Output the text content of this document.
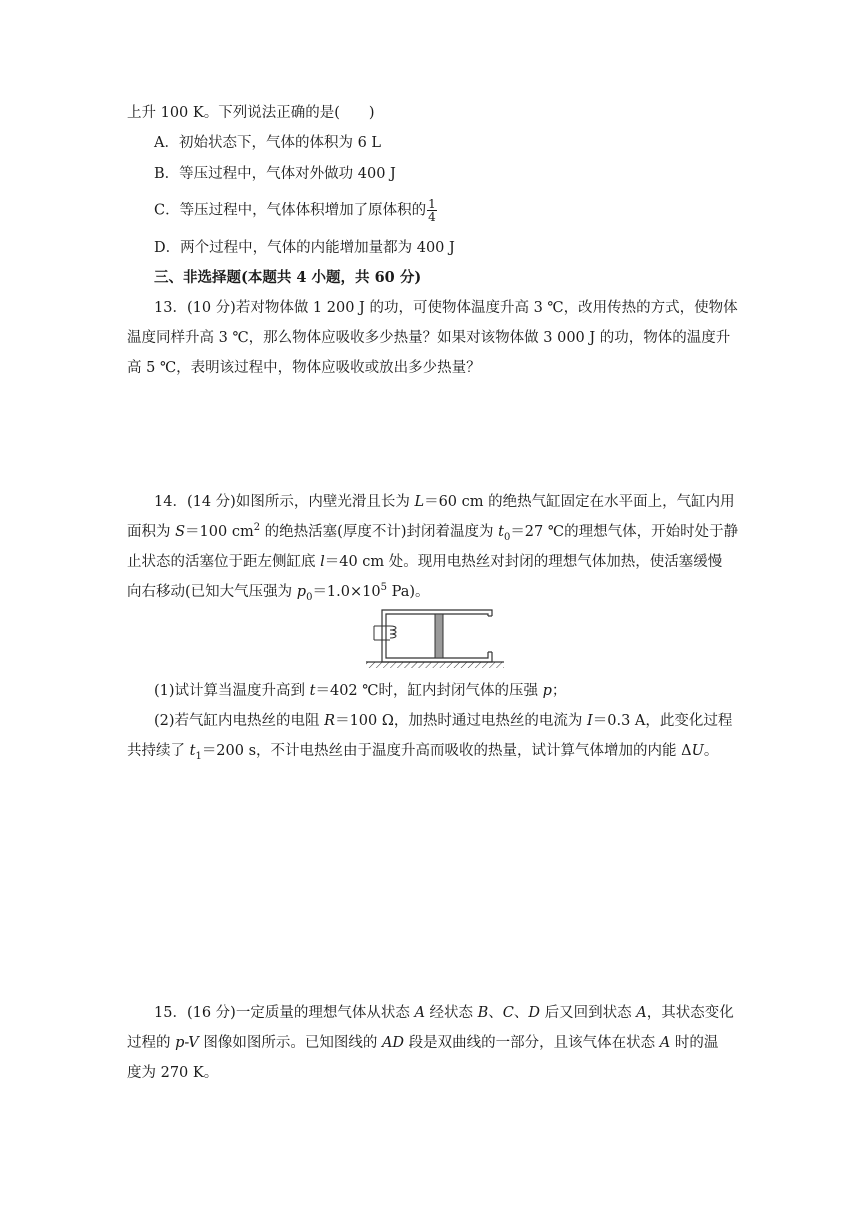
上升 100 K。下列说法正确的是(　　)
A．初始状态下，气体的体积为 6 L
B．等压过程中，气体对外做功 400 J
C．等压过程中，气体体积增加了原体积的 $\frac{1}{4}$
D．两个过程中，气体的内能增加量都为 400 J
三、非选择题(本题共 4 小题，共 60 分)
13．(10 分)若对物体做 1 200 J 的功，可使物体温度升高 3 ℃，改用传热的方式，使物体
温度同样升高 3 ℃，那么物体应吸收多少热量？如果对该物体做 3 000 J 的功，物体的温度升
高 5 ℃，表明该过程中，物体应吸收或放出多少热量？
14．(14 分)如图所示，内壁光滑且长为 L＝60 cm 的绝热气缸固定在水平面上，气缸内用
面积为 S＝100 $cm^2$ 的绝热活塞(厚度不计)封闭着温度为 $t_0=27$ ℃的理想气体，开始时处于静
止状态的活塞位于距左侧缸底 l＝40 cm 处。现用电热丝对封闭的理想气体加热，使活塞缓慢
向右移动(已知大气压强为 $p_0=1.0\times 10^5$ Pa)。
(1)试计算当温度升高到 t＝402 ℃时，缸内封闭气体的压强 p；
(2)若气缸内电热丝的电阻 R＝100 Ω，加热时通过电热丝的电流为 I＝0.3 A，此变化过程
共持续了 $t_1=200$ s，不计电热丝由于温度升高而吸收的热量，试计算气体增加的内能 ΔU。
15．(16 分)一定质量的理想气体从状态 A 经状态 B、C、D 后又回到状态 A，其状态变化
过程的 p-V 图像如图所示。已知图线的 AD 段是双曲线的一部分，且该气体在状态 A 时的温
度为 270 K。
